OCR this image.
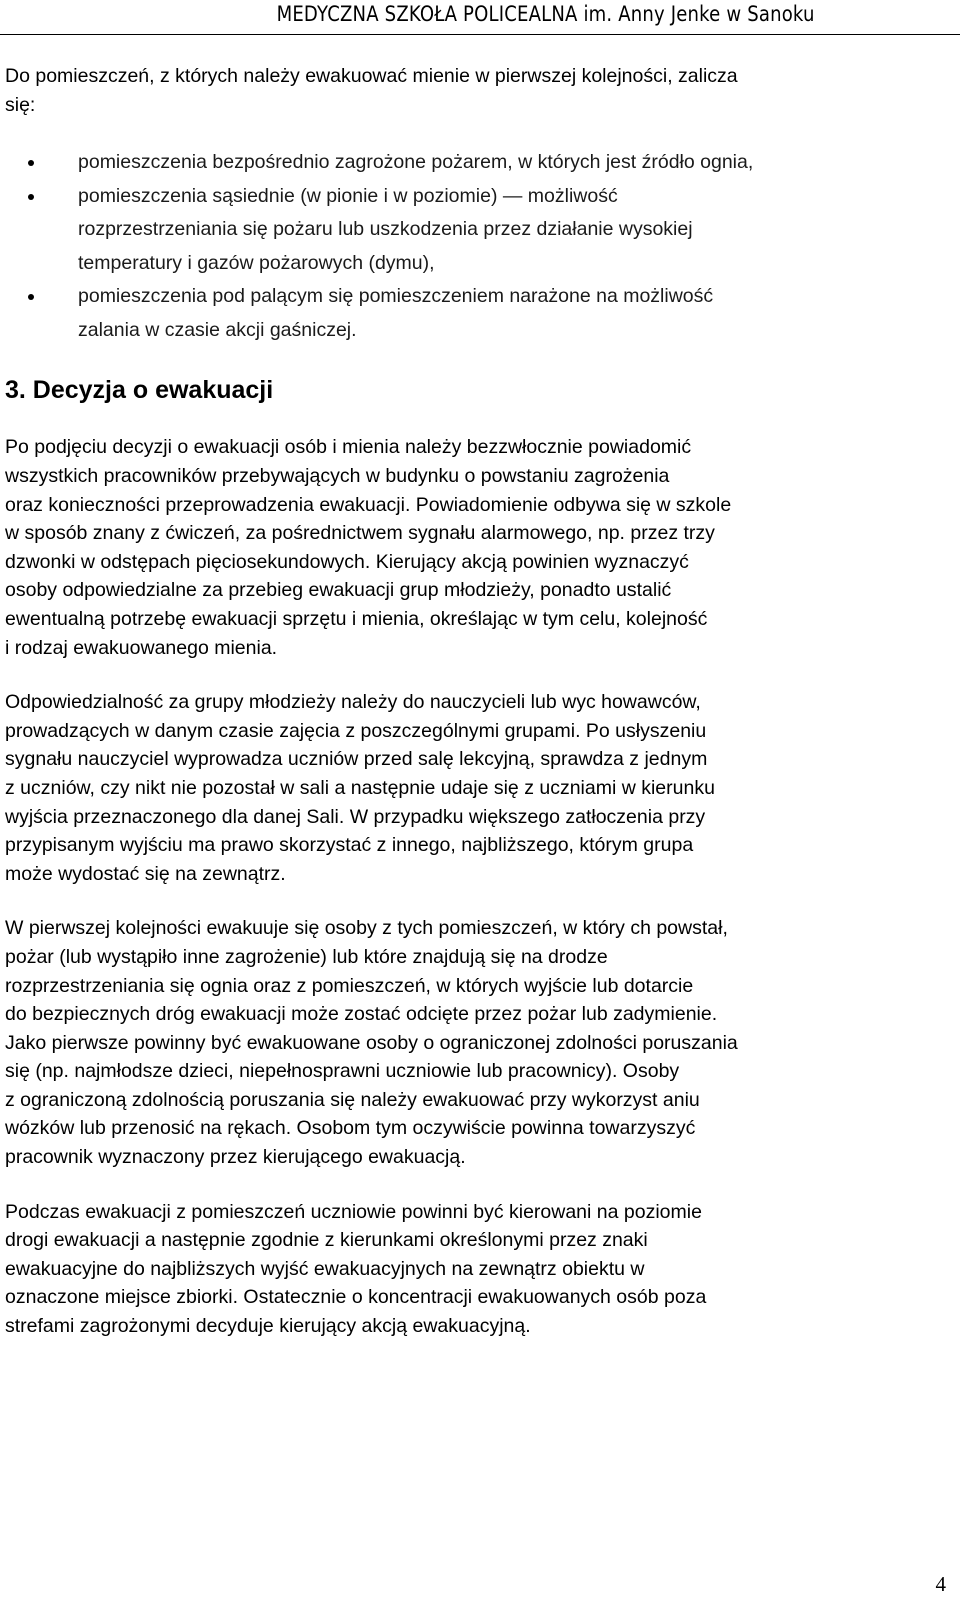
MEDYCZNA SZKOŁA POLICEALNA im. Anny Jenke w Sanoku
Do pomieszczeń, z których należy ewakuować mienie w pierwszej kolejności, zalicza
się:
pomieszczenia bezpośrednio zagrożone pożarem, w których jest źródło ognia,
pomieszczenia sąsiednie (w pionie i w poziomie) — możliwość
rozprzestrzeniania się pożaru lub uszkodzenia przez działanie wysokiej
temperatury i gazów pożarowych (dymu),
pomieszczenia pod palącym się pomieszczeniem narażone na możliwość
zalania w czasie akcji gaśniczej.
3. Decyzja o ewakuacji
Po podjęciu decyzji o ewakuacji osób i mienia należy bezzwłocznie powiadomić
wszystkich pracowników przebywających w budynku o powstaniu zagrożenia
oraz konieczności przeprowadzenia ewakuacji. Powiadomienie odbywa się w szkole
w sposób znany z ćwiczeń, za pośrednictwem sygnału alarmowego, np. przez trzy
dzwonki w odstępach pięciosekundowych. Kierujący akcją powinien wyznaczyć
osoby odpowiedzialne za przebieg ewakuacji grup młodzieży, ponadto ustalić
ewentualną potrzebę ewakuacji sprzętu i mienia, określając w tym celu, kolejność
i rodzaj ewakuowanego mienia.
Odpowiedzialność za grupy młodzieży należy do nauczycieli lub wyc howawców,
prowadzących w danym czasie zajęcia z poszczególnymi grupami. Po usłyszeniu
sygnału nauczyciel wyprowadza uczniów przed salę lekcyjną, sprawdza z jednym
z uczniów, czy nikt nie pozostał w sali a następnie udaje się z uczniami w kierunku
wyjścia przeznaczonego dla danej Sali. W przypadku większego zatłoczenia przy
przypisanym wyjściu ma prawo skorzystać z innego, najbliższego, którym grupa
może wydostać się na zewnątrz.
W pierwszej kolejności ewakuuje się osoby z tych pomieszczeń, w który ch powstał,
pożar (lub wystąpiło inne zagrożenie) lub które znajdują się na drodze
rozprzestrzeniania się ognia oraz z pomieszczeń, w których wyjście lub dotarcie
do bezpiecznych dróg ewakuacji może zostać odcięte przez pożar lub zadymienie.
Jako pierwsze powinny być ewakuowane osoby o ograniczonej zdolności poruszania
się (np. najmłodsze dzieci, niepełnosprawni uczniowie lub pracownicy). Osoby
z ograniczoną zdolnością poruszania się należy ewakuować przy wykorzyst aniu
wózków lub przenosić na rękach. Osobom tym oczywiście powinna towarzyszyć
pracownik wyznaczony przez kierującego ewakuacją.
Podczas ewakuacji z pomieszczeń uczniowie powinni być kierowani na poziomie
drogi ewakuacji a następnie zgodnie z kierunkami określonymi przez znaki
ewakuacyjne do najbliższych wyjść ewakuacyjnych na zewnątrz obiektu w
oznaczone miejsce zbiorki. Ostatecznie o koncentracji ewakuowanych osób poza
strefami zagrożonymi decyduje kierujący akcją ewakuacyjną.
4
